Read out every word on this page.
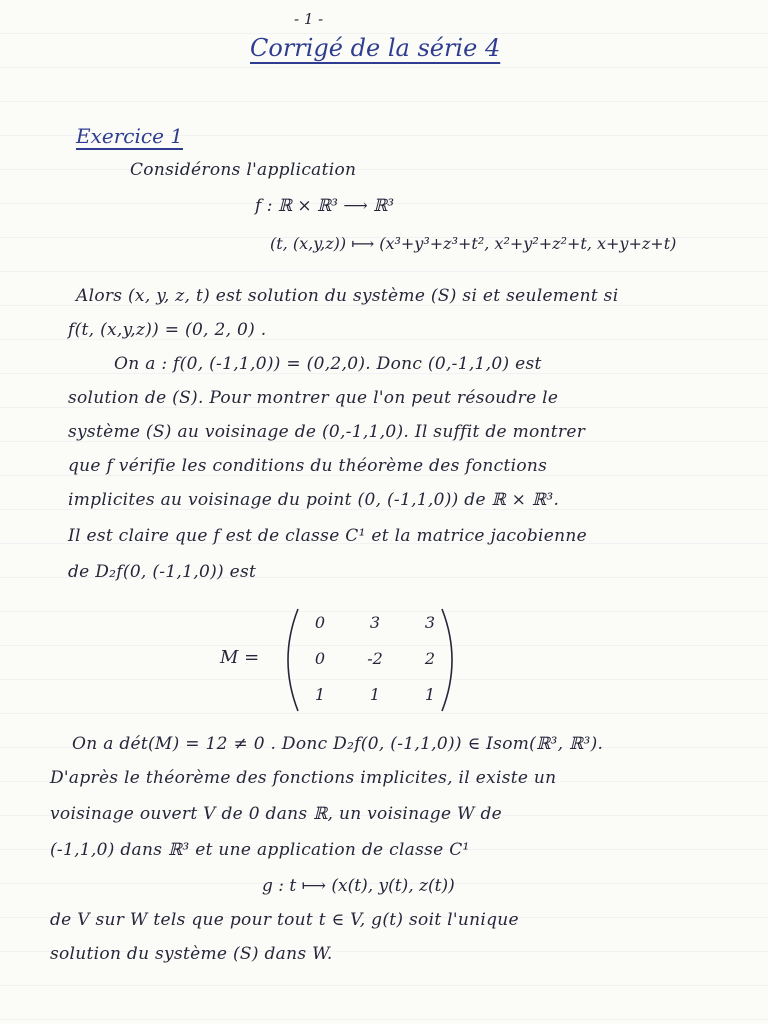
- 1 -
Corrigé de la série 4
Exercice 1
Considérons l'application
f : ℝ × ℝ³ ⟶ ℝ³
(t, (x,y,z)) ⟼ (x³+y³+z³+t², x²+y²+z²+t, x+y+z+t)
Alors (x, y, z, t) est solution du système (S) si et seulement si
f(t, (x,y,z)) = (0, 2, 0) .
On a : f(0, (-1,1,0)) = (0,2,0). Donc (0,-1,1,0) est
solution de (S). Pour montrer que l'on peut résoudre le
système (S) au voisinage de (0,-1,1,0). Il suffit de montrer
que f vérifie les conditions du théorème des fonctions
implicites au voisinage du point (0, (-1,1,0)) de ℝ × ℝ³.
Il est claire que f est de classe C¹ et la matrice jacobienne
de D₂f(0, (-1,1,0)) est
M =
0	3	3
0	-2	2
1	1	1
On a dét(M) = 12 ≠ 0 . Donc D₂f(0, (-1,1,0)) ∈ Isom(ℝ³, ℝ³).
D'après le théorème des fonctions implicites, il existe un
voisinage ouvert V de 0 dans ℝ, un voisinage W de
(-1,1,0) dans ℝ³ et une application de classe C¹
g : t ⟼ (x(t), y(t), z(t))
de V sur W tels que pour tout t ∈ V, g(t) soit l'unique
solution du système (S) dans W.
